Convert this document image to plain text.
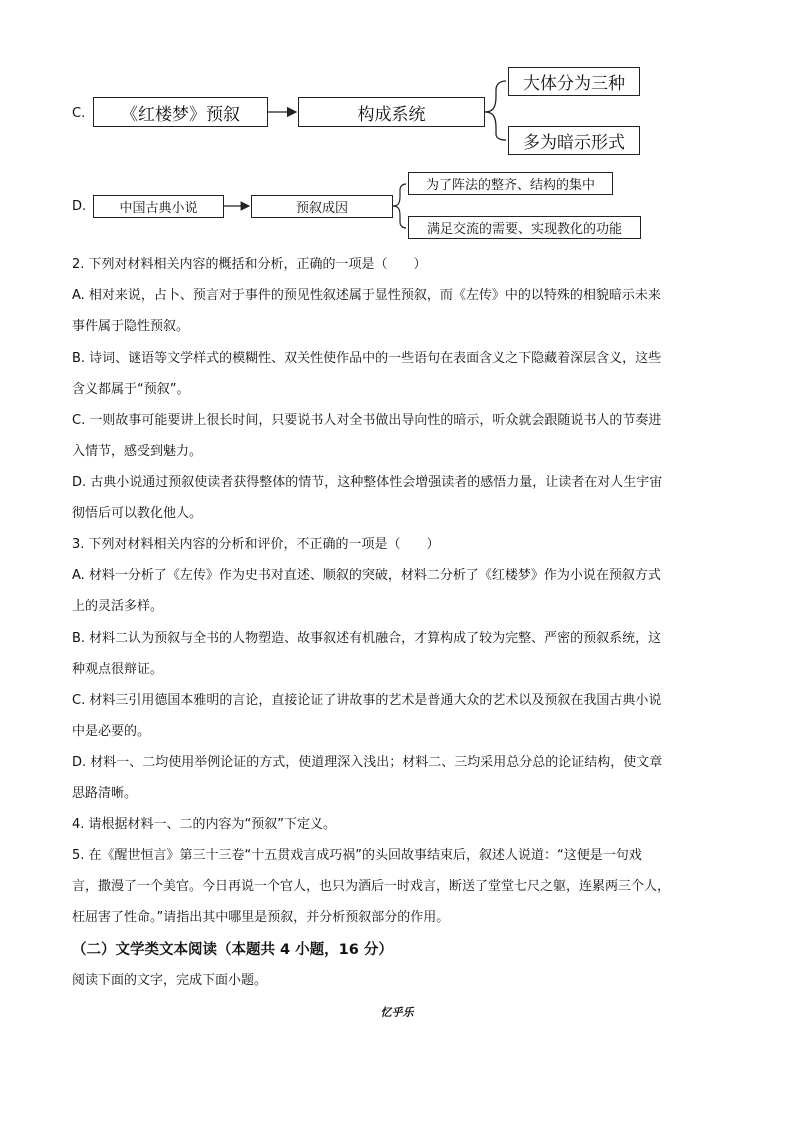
C.	《红楼梦》预叙	构成系统
大体分为三种
多为暗示形式
D.	中国古典小说	预叙成因
为了阵法的整齐、结构的集中
满足交流的需要、实现教化的功能
2. 下列对材料相关内容的概括和分析，正确的一项是（　　）
A. 相对来说，占卜、预言对于事件的预见性叙述属于显性预叙，而《左传》中的以特殊的相貌暗示未来
事件属于隐性预叙。
B. 诗词、谜语等文学样式的模糊性、双关性使作品中的一些语句在表面含义之下隐藏着深层含义，这些
含义都属于“预叙”。
C. 一则故事可能要讲上很长时间，只要说书人对全书做出导向性的暗示，听众就会跟随说书人的节奏进
入情节，感受到魅力。
D. 古典小说通过预叙使读者获得整体的情节，这种整体性会增强读者的感悟力量，让读者在对人生宇宙
彻悟后可以教化他人。
3. 下列对材料相关内容的分析和评价，不正确的一项是（　　）
A. 材料一分析了《左传》作为史书对直述、顺叙的突破，材料二分析了《红楼梦》作为小说在预叙方式
上的灵活多样。
B. 材料二认为预叙与全书的人物塑造、故事叙述有机融合，才算构成了较为完整、严密的预叙系统，这
种观点很辩证。
C. 材料三引用德国本雅明的言论，直接论证了讲故事的艺术是普通大众的艺术以及预叙在我国古典小说
中是必要的。
D. 材料一、二均使用举例论证的方式，使道理深入浅出；材料二、三均采用总分总的论证结构，使文章
思路清晰。
4. 请根据材料一、二的内容为“预叙”下定义。
5. 在《醒世恒言》第三十三卷“十五贯戏言成巧祸”的头回故事结束后，叙述人说道：“这便是一句戏
言，撒漫了一个美官。今日再说一个官人，也只为酒后一时戏言，断送了堂堂七尺之躯，连累两三个人，
枉屈害了性命。”请指出其中哪里是预叙，并分析预叙部分的作用。
（二）文学类文本阅读（本题共 4 小题，16 分）
阅读下面的文字，完成下面小题。
忆乎乐
